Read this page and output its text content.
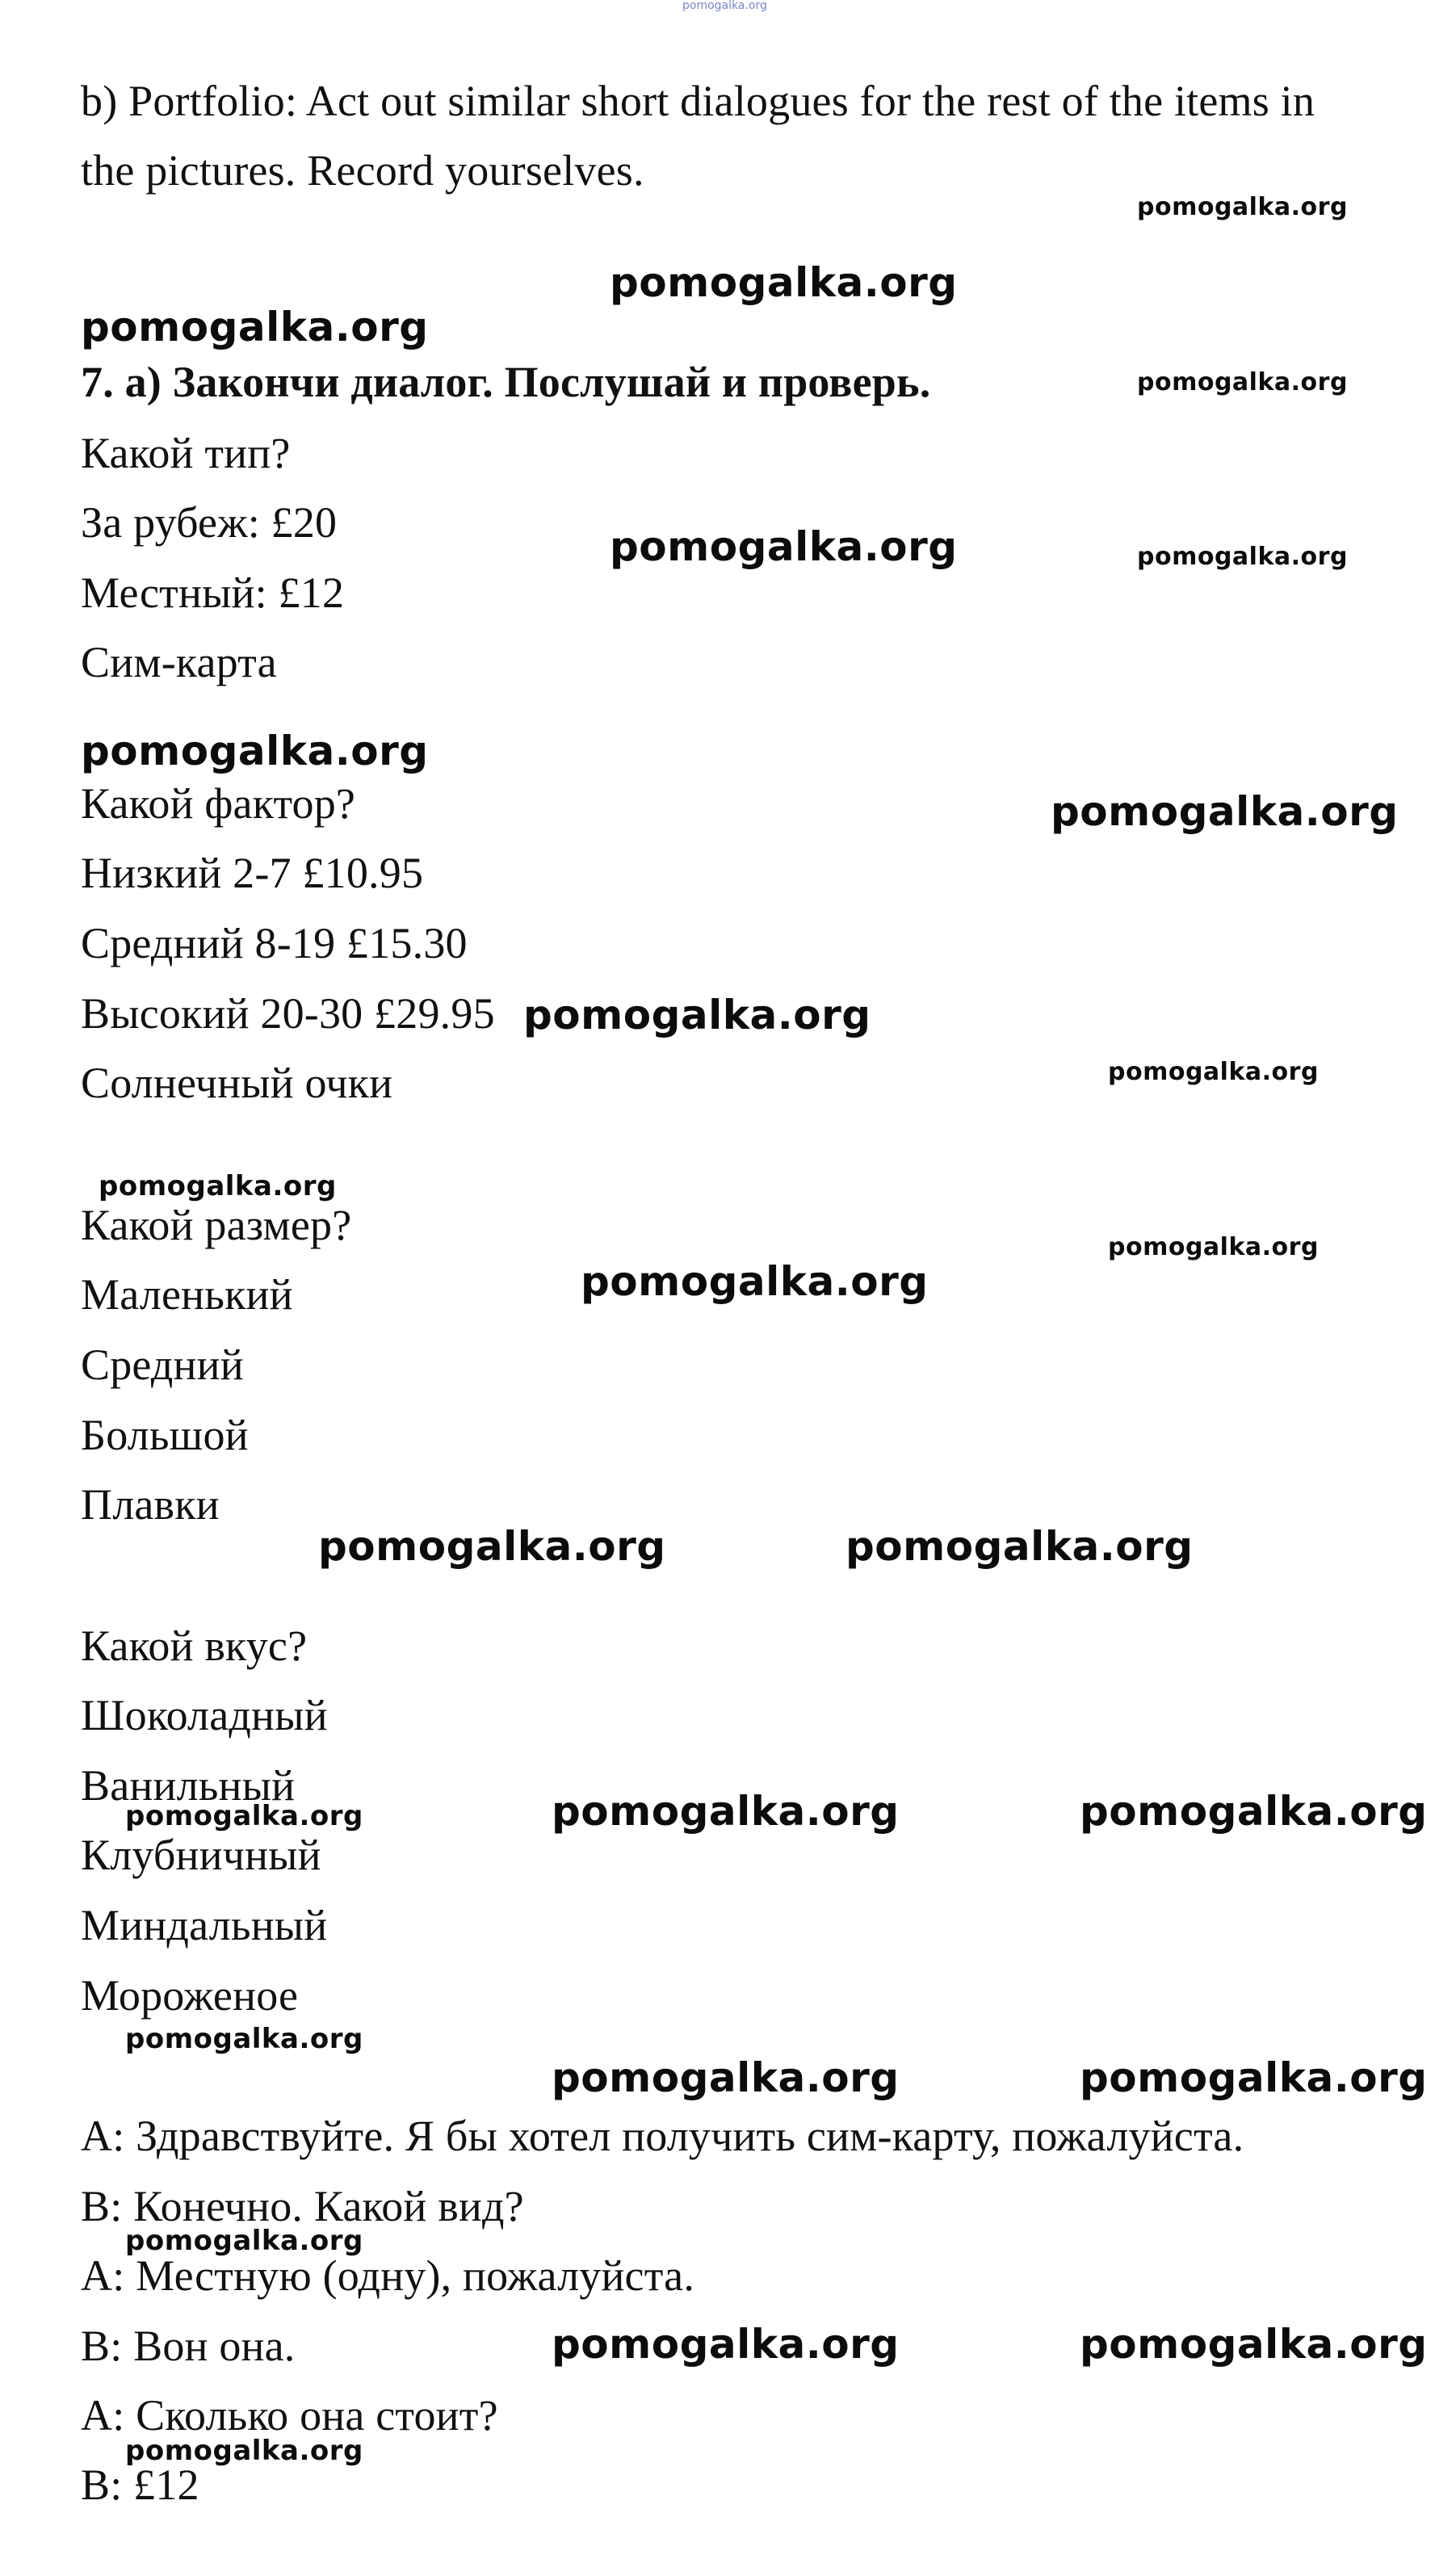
pomogalka.org

b) Portfolio: Act out similar short dialogues for the rest of the items in

the pictures. Record yourselves.

7. а) Закончи диалог. Послушай и проверь.

Какой тип?

За рубеж: £20

Местный: £12

Сим-карта

Какой фактор?

Низкий 2-7 £10.95

Средний 8-19 £15.30

Высокий 20-30 £29.95

Солнечный очки

Какой размер?

Маленький

Средний

Большой

Плавки

Какой вкус?

Шоколадный

Ванильный

Клубничный

Миндальный

Мороженое

А: Здравствуйте. Я бы хотел получить сим-карту, пожалуйста.

В: Конечно. Какой вид?

А: Местную (одну), пожалуйста.

В: Вон она.

А: Сколько она стоит?

В: £12

pomogalka.org
pomogalka.org
pomogalka.org
pomogalka.org
pomogalka.org	pomogalka.org
pomogalka.org
pomogalka.org
pomogalka.org
pomogalka.org
pomogalka.org
pomogalka.org
pomogalka.org
pomogalka.org	pomogalka.org
pomogalka.org	pomogalka.org	pomogalka.org
pomogalka.org
pomogalka.org	pomogalka.org
pomogalka.org
pomogalka.org	pomogalka.org
pomogalka.org
